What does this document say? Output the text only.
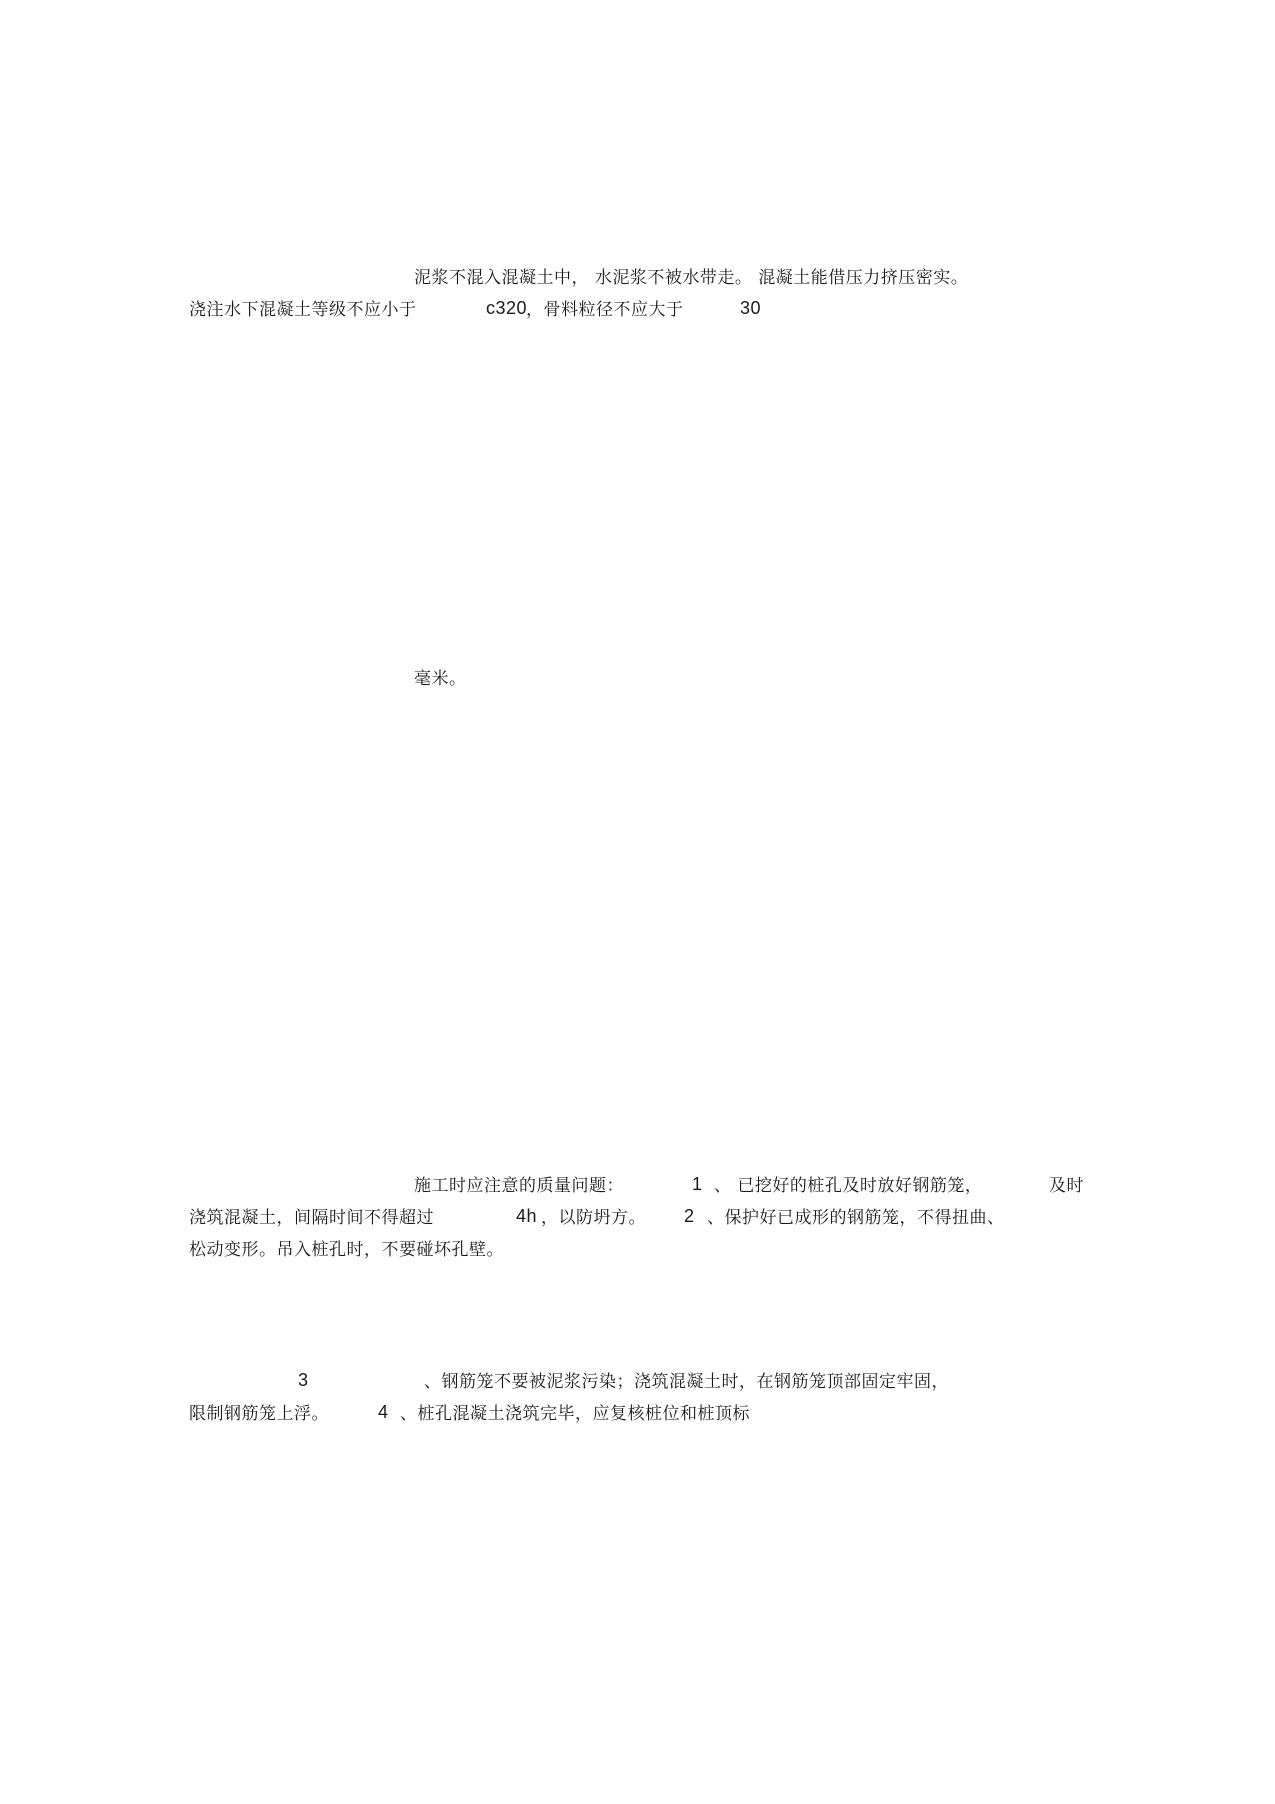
泥浆不混入混凝土中， 水泥浆不被水带走。 混凝土能借压力挤压密实。
浇注水下混凝土等级不应小于	c320
，骨料粒径不应大于	30
毫米。
施工时应注意的质量问题：	1 、 已挖好的桩孔及时放好钢筋笼，	及时
浇筑混凝土，间隔时间不得超过	4h ，以防坍方。 2 、保护好已成形的钢筋笼，不得扭曲、
松动变形。吊入桩孔时，不要碰坏孔壁。
3	、钢筋笼不要被泥浆污染；浇筑混凝土时，在钢筋笼顶部固定牢固，
限制钢筋笼上浮。	4 、桩孔混凝土浇筑完毕，应复核桩位和桩顶标
